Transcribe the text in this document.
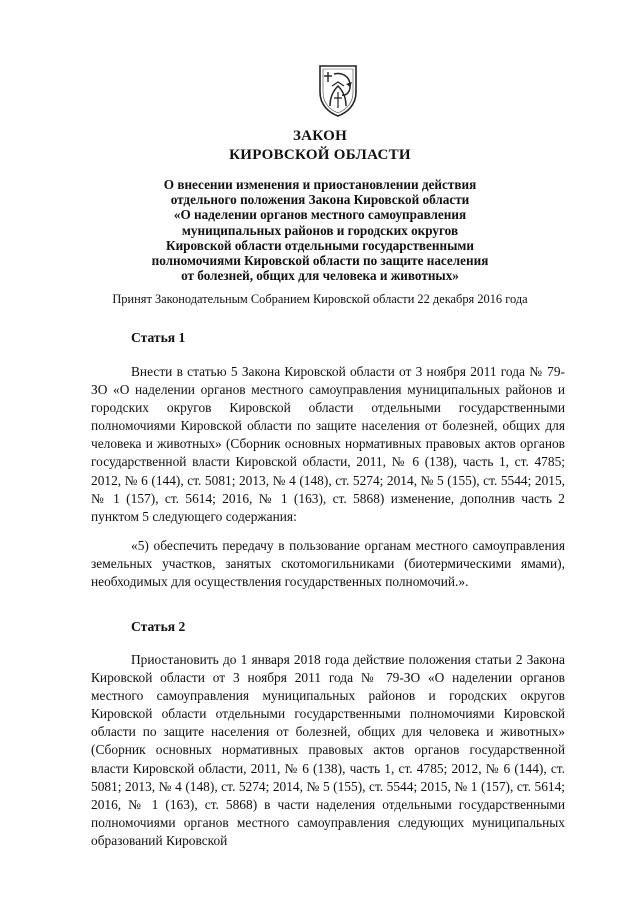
ЗАКОН
КИРОВСКОЙ ОБЛАСТИ
О внесении изменения и приостановлении действия
отдельного положения Закона Кировской области
«О наделении органов местного самоуправления
муниципальных районов и городских округов
Кировской области отдельными государственными
полномочиями Кировской области по защите населения
от болезней, общих для человека и животных»
Принят Законодательным Собранием Кировской области 22 декабря 2016 года
Статья 1
Внести в статью 5 Закона Кировской области от 3 ноября 2011 года № 79-ЗО «О наделении органов местного самоуправления муниципальных районов и городских округов Кировской области отдельными государственными полномочиями Кировской области по защите населения от болезней, общих для человека и животных» (Сборник основных нормативных правовых актов органов государственной власти Кировской области, 2011, № 6 (138), часть 1, ст. 4785; 2012, № 6 (144), ст. 5081; 2013, № 4 (148), ст. 5274; 2014, № 5 (155), ст. 5544; 2015, № 1 (157), ст. 5614; 2016, № 1 (163), ст. 5868) изменение, дополнив часть 2 пунктом 5 следующего содержания:
«5) обеспечить передачу в пользование органам местного самоуправления земельных участков, занятых скотомогильниками (биотермическими ямами), необходимых для осуществления государственных полномочий.».
Статья 2
Приостановить до 1 января 2018 года действие положения статьи 2 Закона Кировской области от 3 ноября 2011 года № 79-ЗО «О наделении органов местного самоуправления муниципальных районов и городских округов Кировской области отдельными государственными полномочиями Кировской области по защите населения от болезней, общих для человека и животных» (Сборник основных нормативных правовых актов органов государственной власти Кировской области, 2011, № 6 (138), часть 1, ст. 4785; 2012, № 6 (144), ст. 5081; 2013, № 4 (148), ст. 5274; 2014, № 5 (155), ст. 5544; 2015, № 1 (157), ст. 5614; 2016, № 1 (163), ст. 5868) в части наделения отдельными государственными полномочиями органов местного самоуправления следующих муниципальных образований Кировской
